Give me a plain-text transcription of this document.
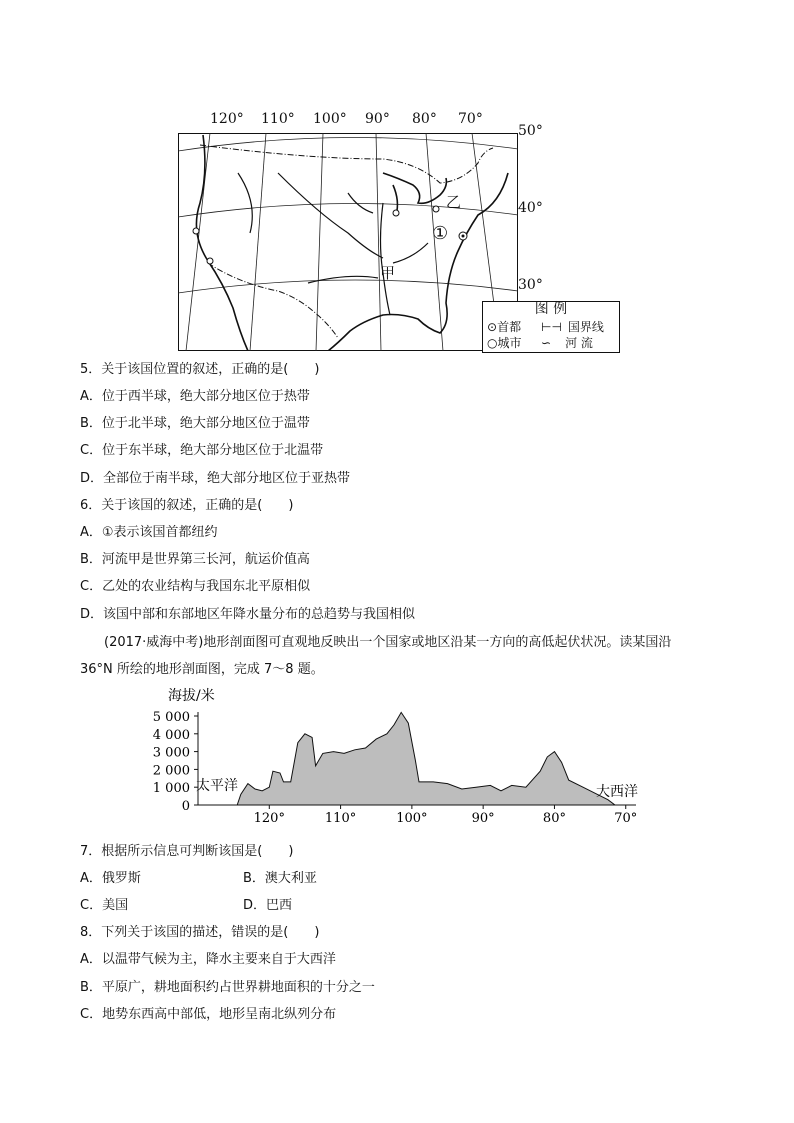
120° 110° 100° 90° 80° 70°
50°
40°
30°
乙
①
甲
图 例
⊙首都 ⊢⊣ 国界线
○城市 ∽ 河 流
5．关于该国位置的叙述，正确的是(　　)
A．位于西半球，绝大部分地区位于热带
B．位于北半球，绝大部分地区位于温带
C．位于东半球，绝大部分地区位于北温带
D．全部位于南半球，绝大部分地区位于亚热带
6．关于该国的叙述，正确的是(　　)
A．①表示该国首都纽约
B．河流甲是世界第三长河，航运价值高
C．乙处的农业结构与我国东北平原相似
D．该国中部和东部地区年降水量分布的总趋势与我国相似
(2017·威海中考)地形剖面图可直观地反映出一个国家或地区沿某一方向的高低起伏状况。读某国沿
36°N 所绘的地形剖面图，完成 7～8 题。
海拔/米
5 000
4 000
3 000
2 000
1 000
0
120°	110°	100°	90°	80°	70°
太平洋	大西洋
7．根据所示信息可判断该国是(　　)
A．俄罗斯	B．澳大利亚
C．美国	D．巴西
8．下列关于该国的描述，错误的是(　　)
A．以温带气候为主，降水主要来自于大西洋
B．平原广，耕地面积约占世界耕地面积的十分之一
C．地势东西高中部低，地形呈南北纵列分布
